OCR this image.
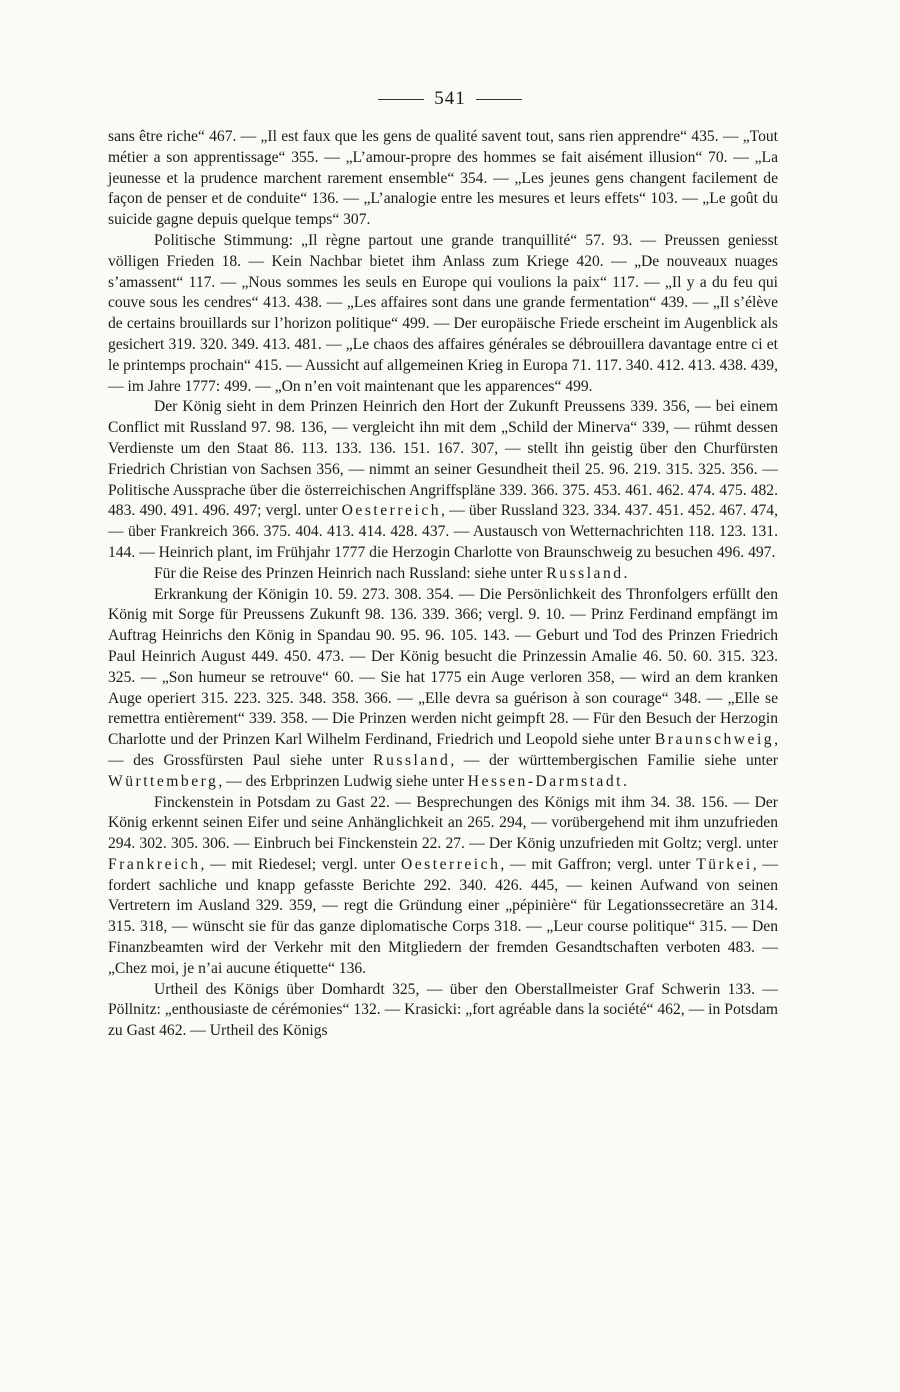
541

sans être riche“ 467. — „Il est faux que les gens de qualité savent tout, sans rien apprendre“ 435. — „Tout métier a son apprentissage“ 355. — „L’amour-propre des hommes se fait aisément illusion“ 70. — „La jeunesse et la prudence marchent rarement ensemble“ 354. — „Les jeunes gens changent facilement de façon de penser et de conduite“ 136. — „L’analogie entre les mesures et leurs effets“ 103. — „Le goût du suicide gagne depuis quelque temps“ 307.

Politische Stimmung: „Il règne partout une grande tranquillité“ 57. 93. — Preussen geniesst völligen Frieden 18. — Kein Nachbar bietet ihm Anlass zum Kriege 420. — „De nouveaux nuages s’amassent“ 117. — „Nous sommes les seuls en Europe qui voulions la paix“ 117. — „Il y a du feu qui couve sous les cendres“ 413. 438. — „Les affaires sont dans une grande fermentation“ 439. — „Il s’élève de certains brouillards sur l’horizon politique“ 499. — Der europäische Friede erscheint im Augenblick als gesichert 319. 320. 349. 413. 481. — „Le chaos des affaires générales se débrouillera davantage entre ci et le printemps prochain“ 415. — Aussicht auf allgemeinen Krieg in Europa 71. 117. 340. 412. 413. 438. 439, — im Jahre 1777: 499. — „On n’en voit maintenant que les apparences“ 499.

Der König sieht in dem Prinzen Heinrich den Hort der Zukunft Preussens 339. 356, — bei einem Conflict mit Russland 97. 98. 136, — vergleicht ihn mit dem „Schild der Minerva“ 339, — rühmt dessen Verdienste um den Staat 86. 113. 133. 136. 151. 167. 307, — stellt ihn geistig über den Churfürsten Friedrich Christian von Sachsen 356, — nimmt an seiner Gesundheit theil 25. 96. 219. 315. 325. 356. — Politische Aussprache über die österreichischen Angriffspläne 339. 366. 375. 453. 461. 462. 474. 475. 482. 483. 490. 491. 496. 497; vergl. unter Oesterreich, — über Russland 323. 334. 437. 451. 452. 467. 474, — über Frankreich 366. 375. 404. 413. 414. 428. 437. — Austausch von Wetternachrichten 118. 123. 131. 144. — Heinrich plant, im Frühjahr 1777 die Herzogin Charlotte von Braunschweig zu besuchen 496. 497.

Für die Reise des Prinzen Heinrich nach Russland: siehe unter Russland.

Erkrankung der Königin 10. 59. 273. 308. 354. — Die Persönlichkeit des Thronfolgers erfüllt den König mit Sorge für Preussens Zukunft 98. 136. 339. 366; vergl. 9. 10. — Prinz Ferdinand empfängt im Auftrag Heinrichs den König in Spandau 90. 95. 96. 105. 143. — Geburt und Tod des Prinzen Friedrich Paul Heinrich August 449. 450. 473. — Der König besucht die Prinzessin Amalie 46. 50. 60. 315. 323. 325. — „Son humeur se retrouve“ 60. — Sie hat 1775 ein Auge verloren 358, — wird an dem kranken Auge operiert 315. 223. 325. 348. 358. 366. — „Elle devra sa guérison à son courage“ 348. — „Elle se remettra entièrement“ 339. 358. — Die Prinzen werden nicht geimpft 28. — Für den Besuch der Herzogin Charlotte und der Prinzen Karl Wilhelm Ferdinand, Friedrich und Leopold siehe unter Braunschweig, — des Grossfürsten Paul siehe unter Russland, — der württembergischen Familie siehe unter Württemberg, — des Erbprinzen Ludwig siehe unter Hessen-Darmstadt.

Finckenstein in Potsdam zu Gast 22. — Besprechungen des Königs mit ihm 34. 38. 156. — Der König erkennt seinen Eifer und seine Anhänglichkeit an 265. 294, — vorübergehend mit ihm unzufrieden 294. 302. 305. 306. — Einbruch bei Finckenstein 22. 27. — Der König unzufrieden mit Goltz; vergl. unter Frankreich, — mit Riedesel; vergl. unter Oesterreich, — mit Gaffron; vergl. unter Türkei, — fordert sachliche und knapp gefasste Berichte 292. 340. 426. 445, — keinen Aufwand von seinen Vertretern im Ausland 329. 359, — regt die Gründung einer „pépinière“ für Legationssecretäre an 314. 315. 318, — wünscht sie für das ganze diplomatische Corps 318. — „Leur course politique“ 315. — Den Finanzbeamten wird der Verkehr mit den Mitgliedern der fremden Gesandtschaften verboten 483. — „Chez moi, je n’ai aucune étiquette“ 136.

Urtheil des Königs über Domhardt 325, — über den Oberstallmeister Graf Schwerin 133. — Pöllnitz: „enthousiaste de cérémonies“ 132. — Krasicki: „fort agréable dans la société“ 462, — in Potsdam zu Gast 462. — Urtheil des Königs
